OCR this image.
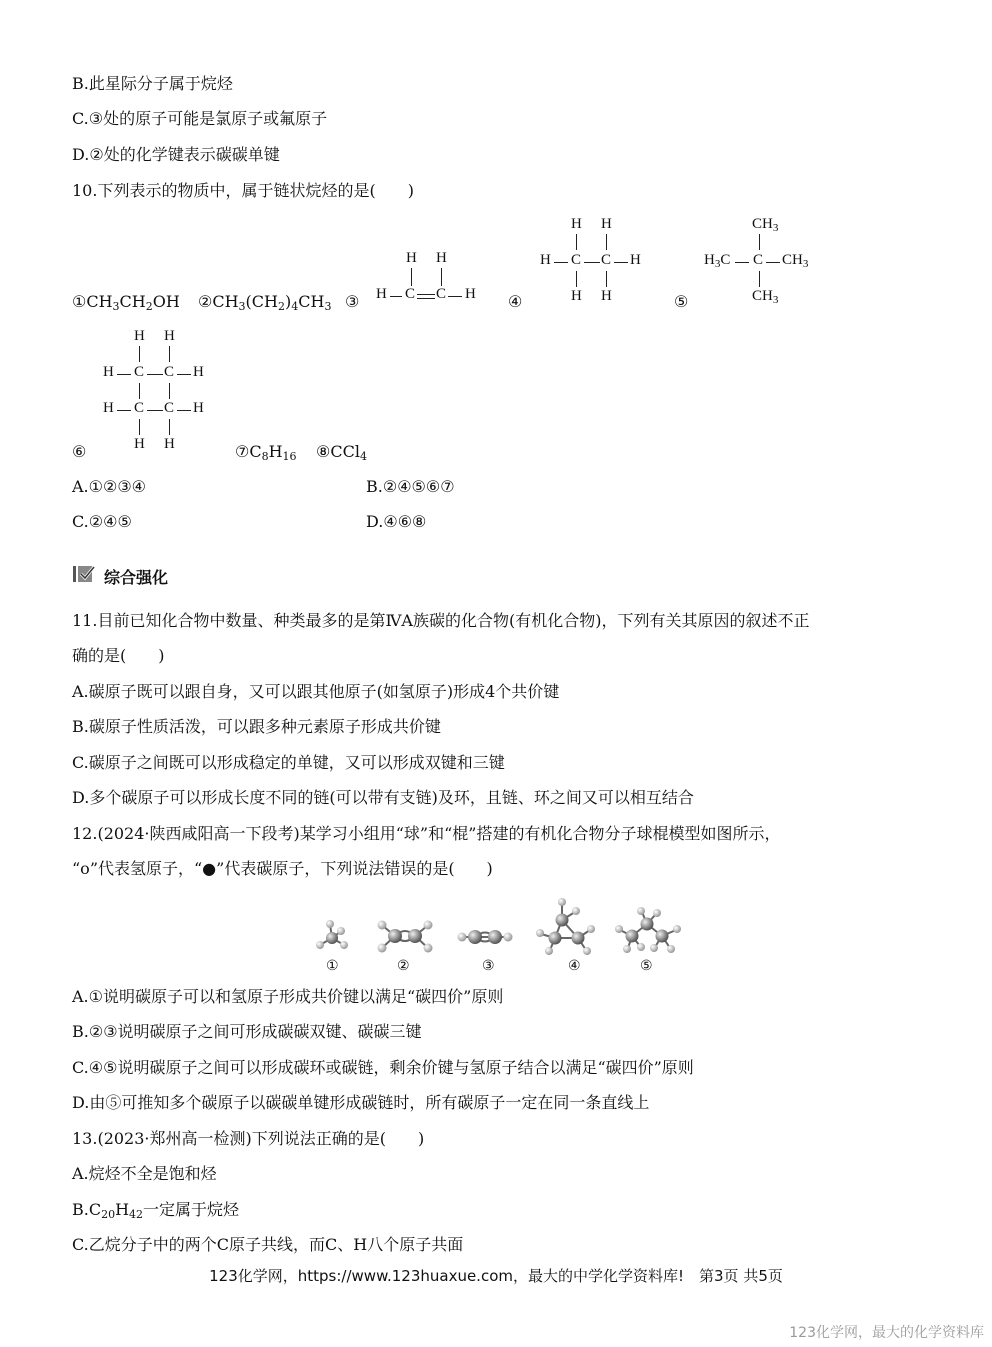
B.此星际分子属于烷烃
C.③处的原子可能是氯原子或氟原子
D.②处的化学键表示碳碳单键
10.下列表示的物质中，属于链状烷烃的是(　　)
$①CH_3CH_2OH$ $②CH_3(CH_2)_4CH_3$ ③	④	⑤
H H
H C C H
H H
H C C H
H H
$CH_3$
$H_3C$ C $CH_3$
$CH_3$
H H
H C C H
H C C H
H H
⑥	$⑦C_8H_{16}$ ⑧CCl$_4$
A.①②③④	B.②④⑤⑥⑦
C.②④⑤	D.④⑥⑧
综合强化
11.目前已知化合物中数量、种类最多的是第ⅣA族碳的化合物(有机化合物)，下列有关其原因的叙述不正
确的是(　　)
A.碳原子既可以跟自身，又可以跟其他原子(如氢原子)形成4个共价键
B.碳原子性质活泼，可以跟多种元素原子形成共价键
C.碳原子之间既可以形成稳定的单键，又可以形成双键和三键
D.多个碳原子可以形成长度不同的链(可以带有支链)及环，且链、环之间又可以相互结合
12.(2024·陕西咸阳高一下段考)某学习小组用“球”和“棍”搭建的有机化合物分子球棍模型如图所示，
“o”代表氢原子，“●”代表碳原子，下列说法错误的是(　　)
①	②	③	④	⑤
A.①说明碳原子可以和氢原子形成共价键以满足“碳四价”原则
B.②③说明碳原子之间可形成碳碳双键、碳碳三键
C.④⑤说明碳原子之间可以形成碳环或碳链，剩余价键与氢原子结合以满足“碳四价”原则
D.由⑤可推知多个碳原子以碳碳单键形成碳链时，所有碳原子一定在同一条直线上
13.(2023·郑州高一检测)下列说法正确的是(　　)
A.烷烃不全是饱和烃
$B.C_{20}H_{42}$一定属于烷烃
C.乙烷分子中的两个C原子共线，而C、H八个原子共面
123化学网，https://www.123huaxue.com，最大的中学化学资料库!　第3页 共5页
123化学网，最大的化学资料库
